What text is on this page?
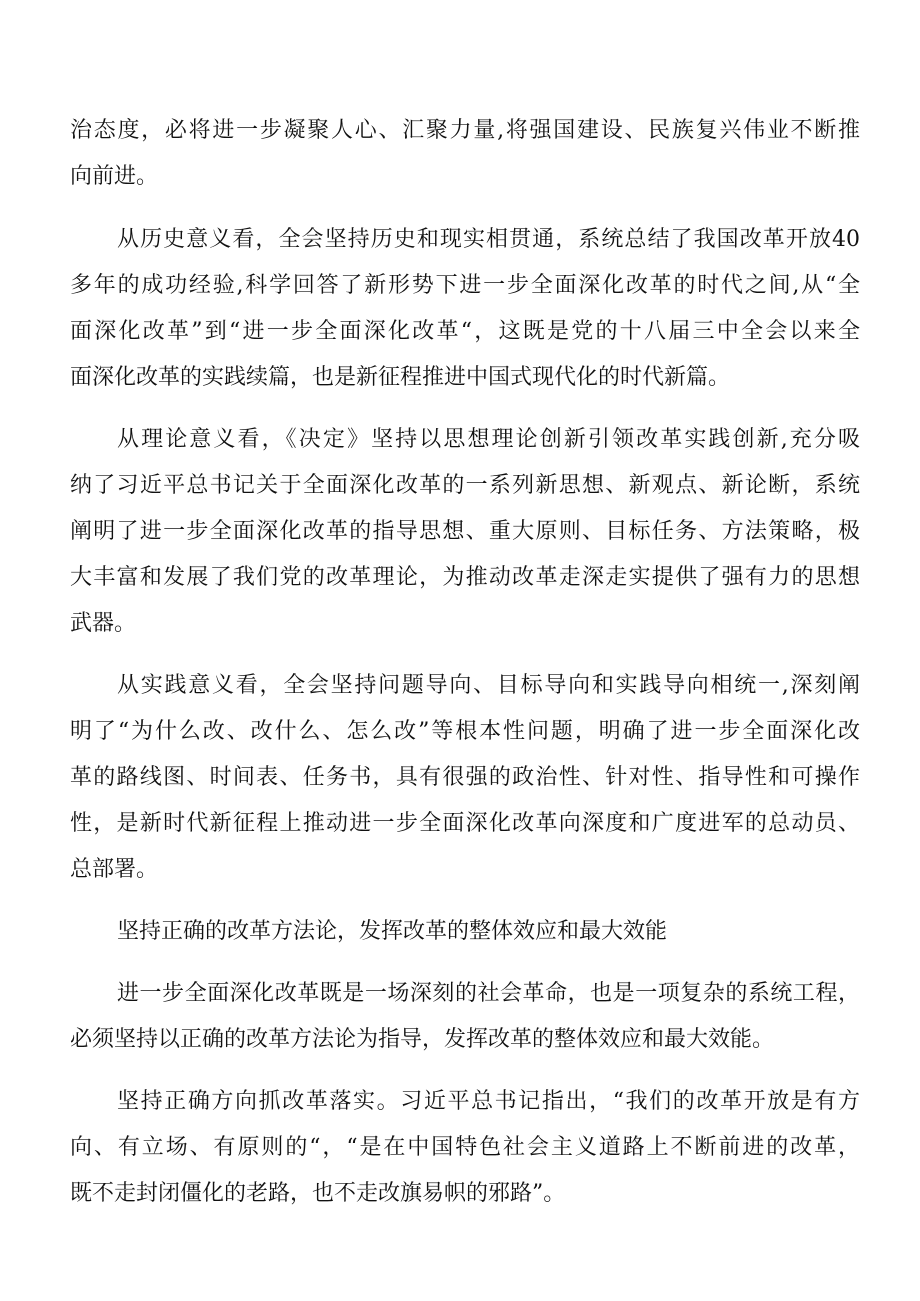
治态度，必将进一步凝聚人心、汇聚力量,将强国建设、民族复兴伟业不断推
向前进。
从历史意义看，全会坚持历史和现实相贯通，系统总结了我国改革开放40
多年的成功经验,科学回答了新形势下进一步全面深化改革的时代之间,从“全
面深化改革”到“进一步全面深化改革“，这既是党的十八届三中全会以来全
面深化改革的实践续篇，也是新征程推进中国式现代化的时代新篇。
从理论意义看，《决定》坚持以思想理论创新引领改革实践创新,充分吸
纳了习近平总书记关于全面深化改革的一系列新思想、新观点、新论断，系统
阐明了进一步全面深化改革的指导思想、重大原则、目标任务、方法策略，极
大丰富和发展了我们党的改革理论，为推动改革走深走实提供了强有力的思想
武器。
从实践意义看，全会坚持问题导向、目标导向和实践导向相统一,深刻阐
明了“为什么改、改什么、怎么改”等根本性问题，明确了进一步全面深化改
革的路线图、时间表、任务书，具有很强的政治性、针对性、指导性和可操作
性，是新时代新征程上推动进一步全面深化改革向深度和广度进军的总动员、
总部署。
坚持正确的改革方法论，发挥改革的整体效应和最大效能
进一步全面深化改革既是一场深刻的社会革命，也是一项复杂的系统工程，
必须坚持以正确的改革方法论为指导，发挥改革的整体效应和最大效能。
坚持正确方向抓改革落实。习近平总书记指出，“我们的改革开放是有方
向、有立场、有原则的“，“是在中国特色社会主义道路上不断前进的改革，
既不走封闭僵化的老路，也不走改旗易帜的邪路”。
